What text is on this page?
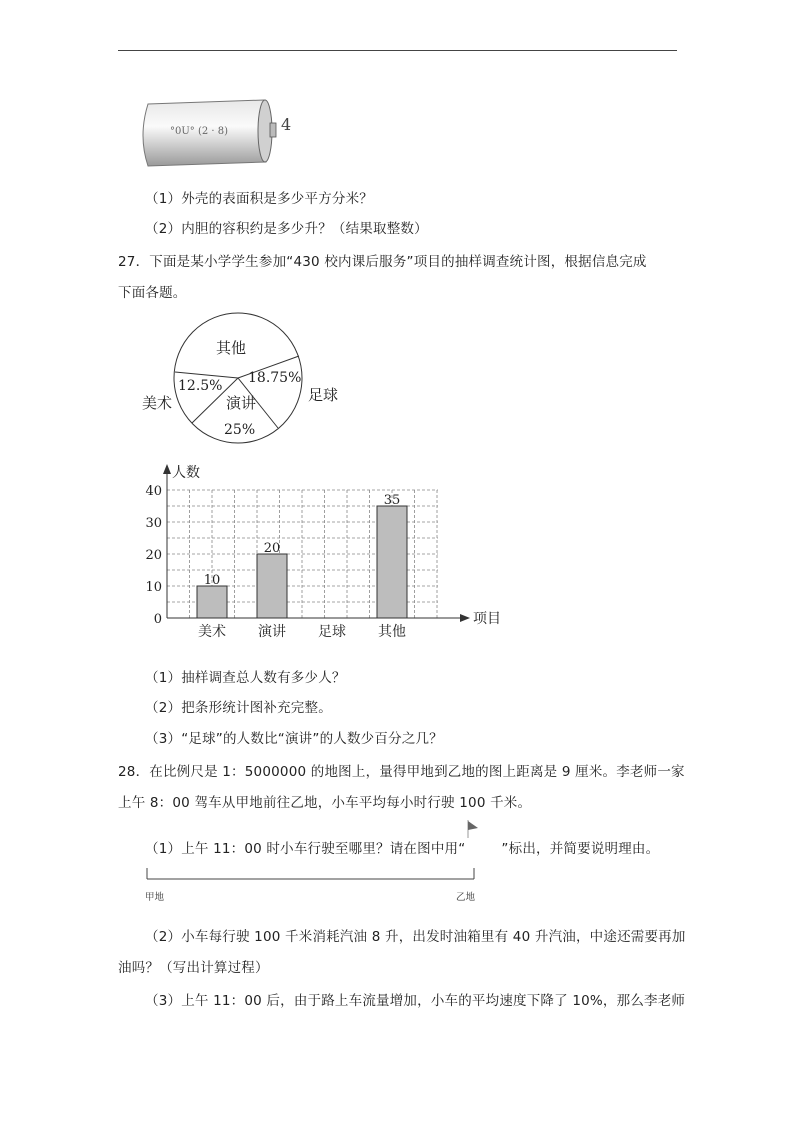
°0U° (2 · 8)	4
（1）外壳的表面积是多少平方分米？
（2）内胆的容积约是多少升？（结果取整数）
27．下面是某小学学生参加“430 校内课后服务”项目的抽样调查统计图，根据信息完成
下面各题。
其他
12.5% 18.75%
演讲
25%
美术	足球
10
20
35
0
10
20
30
40
美术 演讲 足球 其他
人数
项目
（1）抽样调查总人数有多少人？
（2）把条形统计图补充完整。
（3）“足球”的人数比“演讲”的人数少百分之几？
28．在比例尺是 1：5000000 的地图上，量得甲地到乙地的图上距离是 9 厘米。李老师一家
上午 8：00 驾车从甲地前往乙地，小车平均每小时行驶 100 千米。
（1）上午 11：00 时小车行驶至哪里？请在图中用“	”标出，并简要说明理由。
甲地	乙地
（2）小车每行驶 100 千米消耗汽油 8 升，出发时油箱里有 40 升汽油，中途还需要再加
油吗？（写出计算过程）
（3）上午 11：00 后，由于路上车流量增加，小车的平均速度下降了 10%，那么李老师
